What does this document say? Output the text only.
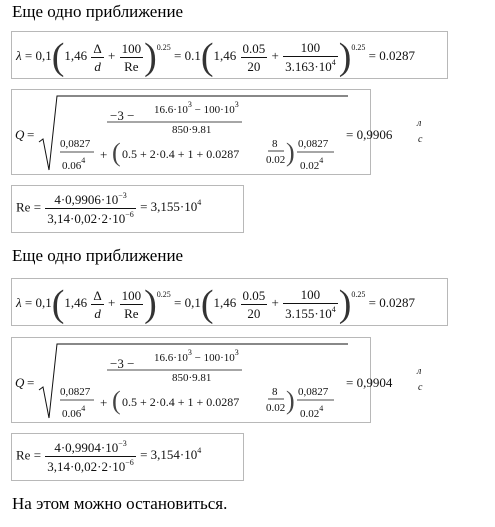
Еще одно приближение
$\lambda = 0,1(1,46 \frac{\Delta}{d} + \frac{100}{Re} )^{0.25} = 0.1(1,46 \frac{0.05}{20} + \frac{100}{3.163\cdot 10^4} )^{0.25} = 0.0287$
Q =
$-3 - 16.6\cdot 10^3 - 100\cdot 10^3$
850·9.81
0,0827
$0.06^4$ + ( 0.5 + 2·0.4 + 1 + 0.0287
8
0.02 ) 0,0827
$0.02^4$
= 0,9906
л
с
$Re = \frac{4\cdot 0,9906\cdot 10^{-3}}{3,14\cdot 0,02\cdot 2\cdot 10^{-6}} = 3,155\cdot 10^4$
Еще одно приближение
$\lambda = 0,1(1,46 \frac{\Delta}{d} + \frac{100}{Re} )^{0.25} = 0,1(1,46 \frac{0.05}{20} + \frac{100}{3.155\cdot 10^4} )^{0.25} = 0.0287$
Q =
$-3 - 16.6\cdot 10^3 - 100\cdot 10^3$
850·9.81
0,0827
$0.06^4$ + ( 0.5 + 2·0.4 + 1 + 0.0287
8
0.02 ) 0,0827
$0.02^4$
= 0,9904
л
с
$Re = \frac{4\cdot 0,9904\cdot 10^{-3}}{3,14\cdot 0,02\cdot 2\cdot 10^{-6}} = 3,154\cdot 10^4$
На этом можно остановиться.
